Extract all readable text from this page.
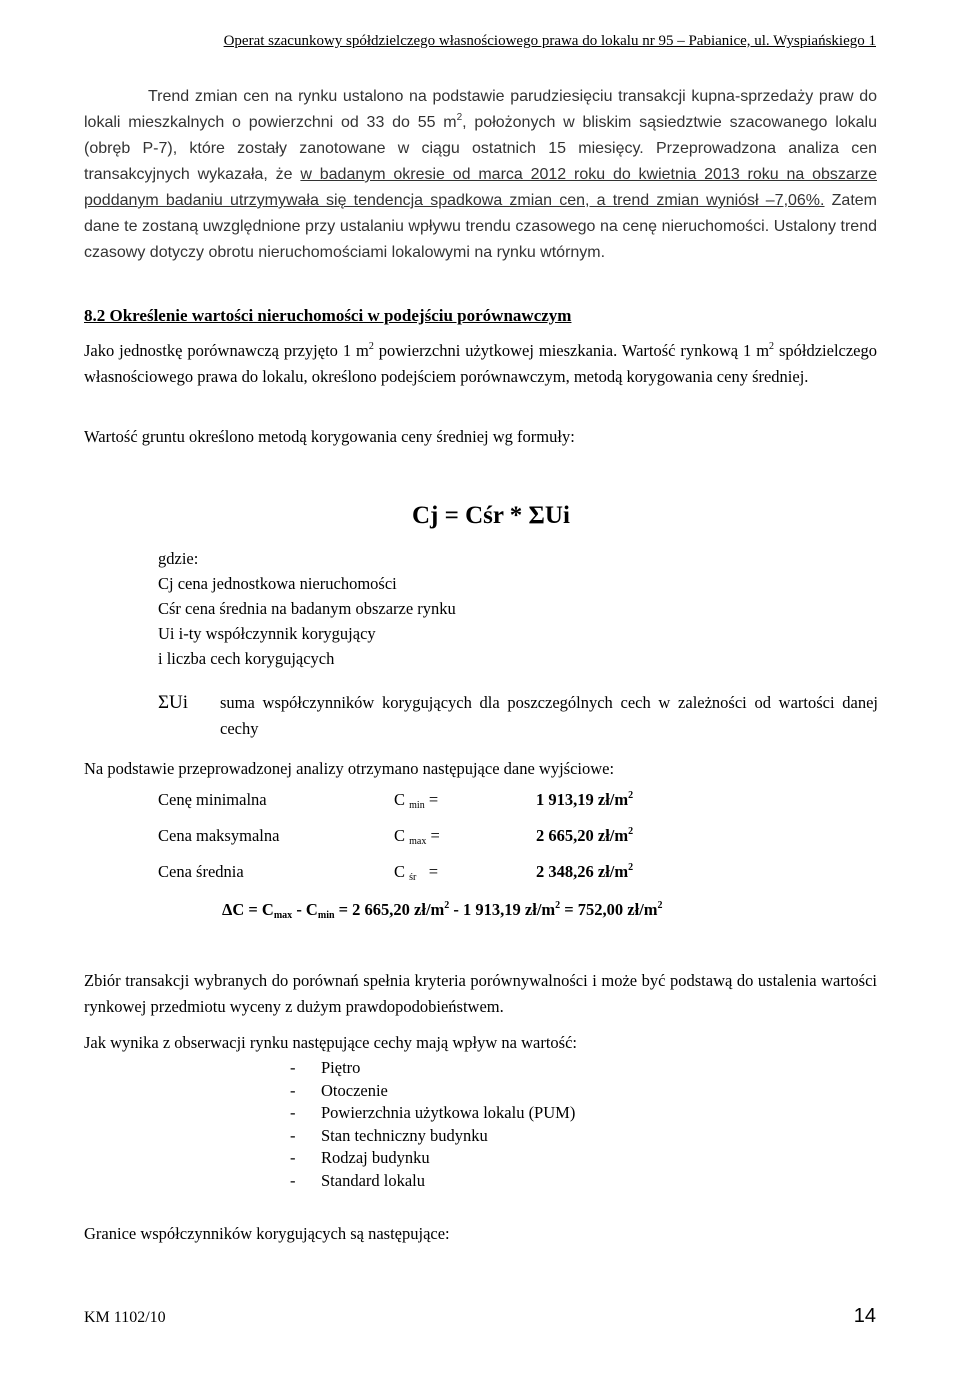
Operat szacunkowy spółdzielczego własnościowego prawa do lokalu nr 95 – Pabianice, ul. Wyspiańskiego 1
Trend zmian cen na rynku ustalono na podstawie parudziesięciu transakcji kupna-sprzedaży praw do lokali mieszkalnych o powierzchni od 33 do 55 $m^2$, położonych w bliskim sąsiedztwie szacowanego lokalu (obręb P-7), które zostały zanotowane w ciągu ostatnich 15 miesięcy. Przeprowadzona analiza cen transakcyjnych wykazała, że w badanym okresie od marca 2012 roku do kwietnia 2013 roku na obszarze poddanym badaniu utrzymywała się tendencja spadkowa zmian cen, a trend zmian wyniósł –7,06%. Zatem dane te zostaną uwzględnione przy ustalaniu wpływu trendu czasowego na cenę nieruchomości. Ustalony trend czasowy dotyczy obrotu nieruchomościami lokalowymi na rynku wtórnym.
8.2 Określenie wartości nieruchomości w podejściu porównawczym
Jako jednostkę porównawczą przyjęto 1 $m^2$ powierzchni użytkowej mieszkania. Wartość rynkową 1 $m^2$ spółdzielczego własnościowego prawa do lokalu, określono podejściem porównawczym, metodą korygowania ceny średniej.
Wartość gruntu określono metodą korygowania ceny średniej wg formuły:
Cj = Cśr * ΣUi
gdzie:
Cj cena jednostkowa nieruchomości
Cśr cena średnia na badanym obszarze rynku
Ui i-ty współczynnik korygujący
i liczba cech korygujących
ΣUi	suma współczynników korygujących dla poszczególnych cech w zależności od wartości danej cechy
Na podstawie przeprowadzonej analizy otrzymano następujące dane wyjściowe:
Cenę minimalna	C $_{min}$ =	1 913,19 $zł/m^2$
Cena maksymalna	C $_{max}$ =	2 665,20 $zł/m^2$
Cena średnia	C $_{śr}$ =	2 348,26 $zł/m^2$
$\Delta C = C_{max} - C_{min} = 2$ 665,20 $zł/m^2 - 1$ 913,19 $zł/m^2 = 752,00$ $zł/m^2$
Zbiór transakcji wybranych do porównań spełnia kryteria porównywalności i może być podstawą do ustalenia wartości rynkowej przedmiotu wyceny z dużym prawdopodobieństwem.
Jak wynika z obserwacji rynku następujące cechy mają wpływ na wartość:
- Piętro
- Otoczenie
- Powierzchnia użytkowa lokalu (PUM)
- Stan techniczny budynku
- Rodzaj budynku
- Standard lokalu
Granice współczynników korygujących są następujące:
KM 1102/10	14
